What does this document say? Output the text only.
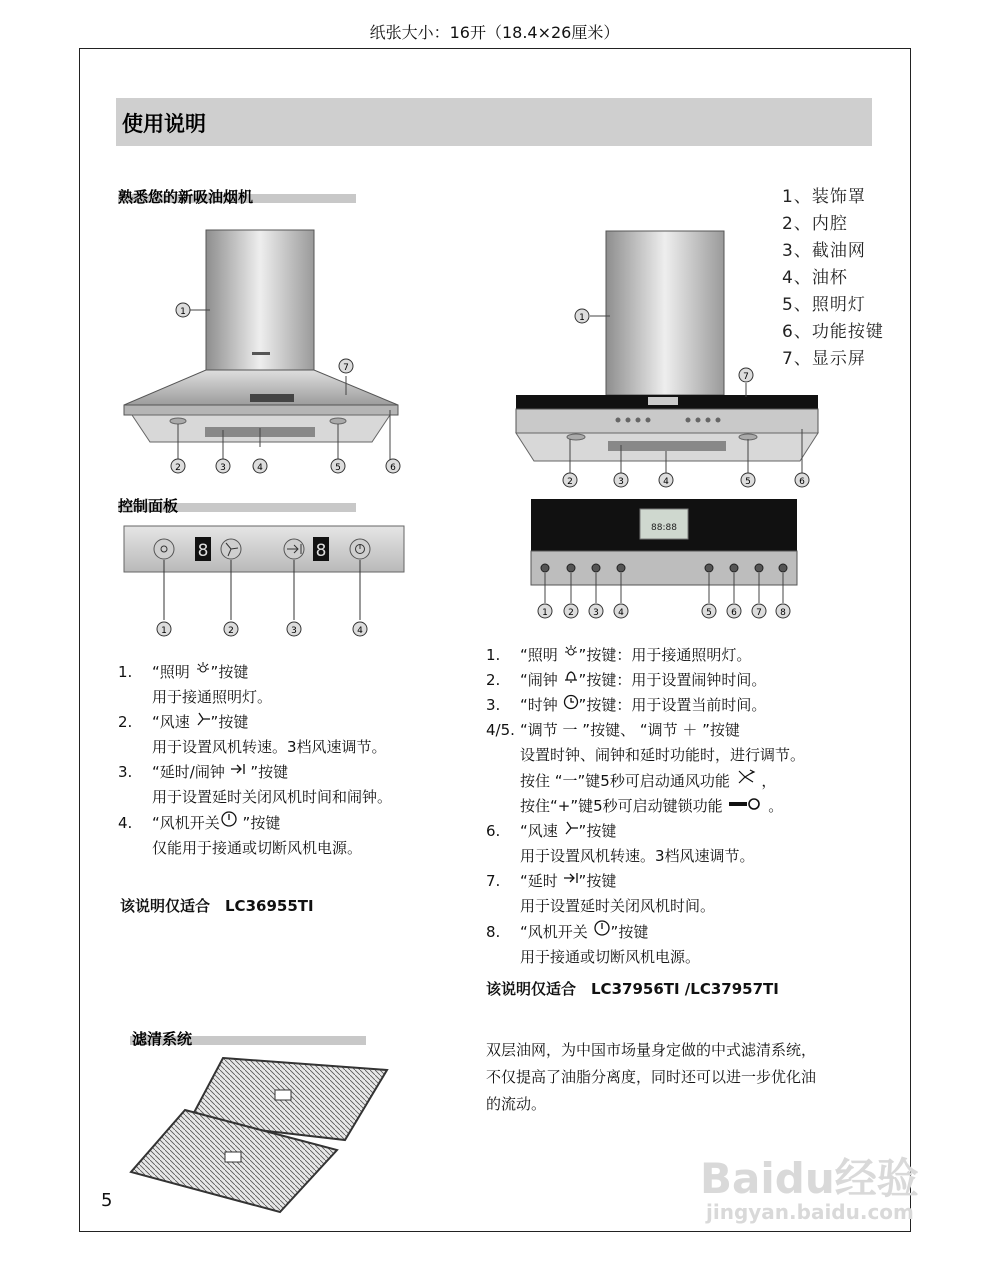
纸张大小：16开（18.4×26厘米）
使用说明
熟悉您的新吸油烟机
1
7
2	3	4	5	6
控制面板
8	8
1	2	3	4
1. “照明 ”按键
用于接通照明灯。
2. “风速 ”按键
用于设置风机转速。3档风速调节。
3. “延时/闹钟  ”按键
用于设置延时关闭风机时间和闹钟。
4. “风机开关 ”按键
仅能用于接通或切断风机电源。
该说明仅适合　LC36955TI
1、装饰罩
2、内腔
3、截油网
4、油杯
5、照明灯
6、功能按键
7、显示屏
1
7
2	3	4	5	6
88:88
1 2 3 4	5 6 7 8
1. “照明 ”按键：用于接通照明灯。
2. “闹钟 ”按键：用于设置闹钟时间。
3. “时钟 ”按键：用于设置当前时间。
4/5. “调节 一 ”按键、 “调节 ＋ ”按键
设置时钟、闹钟和延时功能时，进行调节。
按住 “一”键5秒可启动通风功能  ，
按住“+”键5秒可启动键锁功能  。
6. “风速 ”按键
用于设置风机转速。3档风速调节。
7. “延时 ”按键
用于设置延时关闭风机时间。
8. “风机开关 ”按键
用于接通或切断风机电源。
该说明仅适合　LC37956TI /LC37957TI
滤清系统
双层油网，为中国市场量身定做的中式滤清系统，
不仅提高了油脂分离度，同时还可以进一步优化油
的流动。
5	Baidu经验
jingyan.baidu.com
